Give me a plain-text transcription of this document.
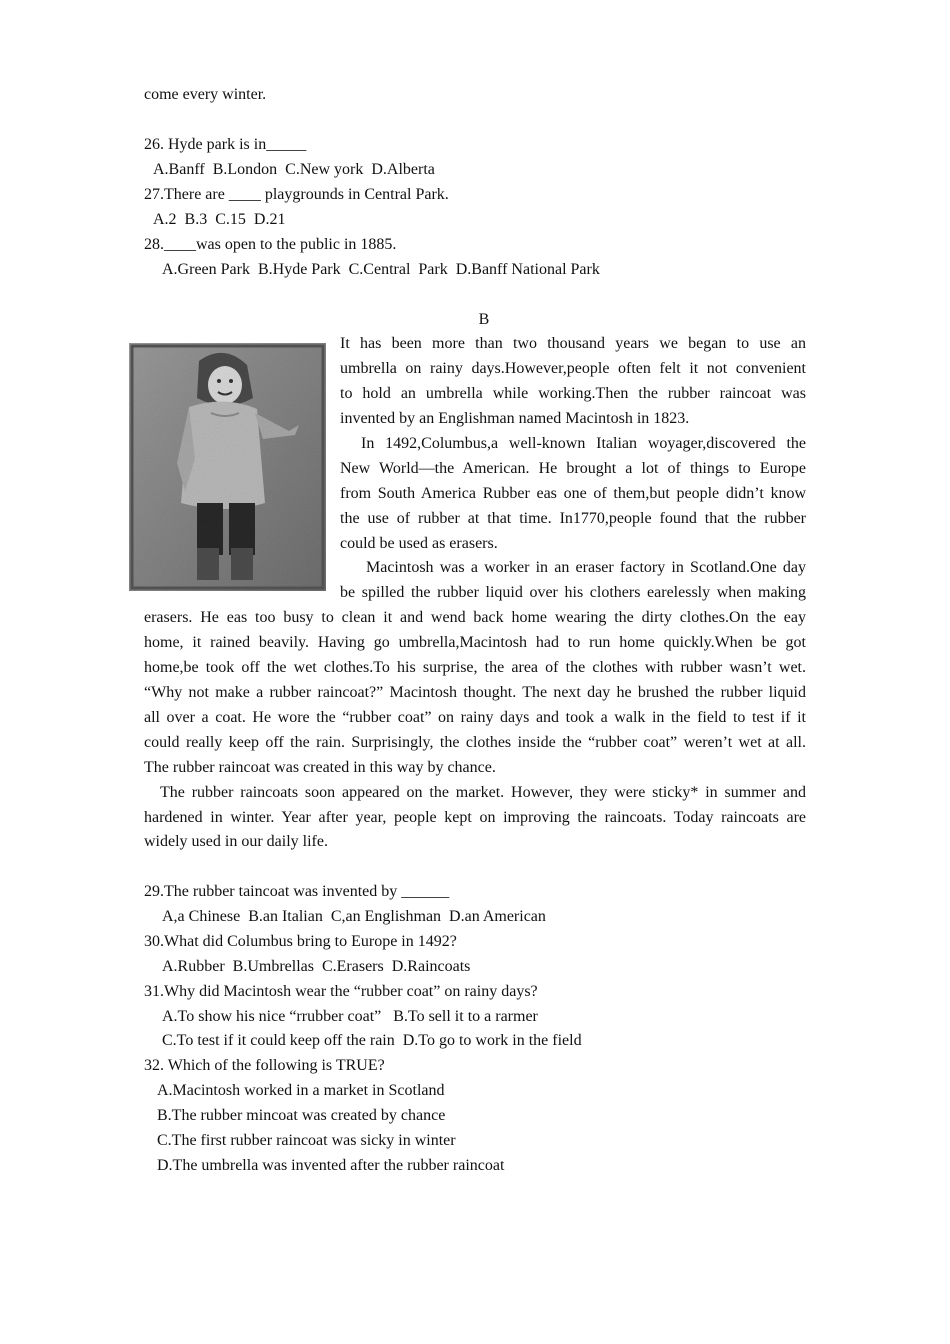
come every winter.
26. Hyde park is in_____
A.Banff  B.London  C.New york  D.Alberta
27.There are ____ playgrounds in Central Park.
A.2  B.3  C.15  D.21
28.____was open to the public in 1885.
A.Green Park  B.Hyde Park  C.Central  Park  D.Banff National Park
B
It has been more than two thousand years we began to use an
umbrella on rainy days.However,people often felt it not convenient
to hold an umbrella while working.Then the rubber raincoat was
invented by an Englishman named Macintosh in 1823.
In 1492,Columbus,a well-known Italian woyager,discovered the
New World—the American. He brought a lot of things to Europe
from South America Rubber eas one of them,but people didn’t know
the use of rubber at that time. In1770,people found that the rubber
could be used as erasers.
Macintosh was a worker in an eraser factory in Scotland.One day
be spilled the rubber liquid over his clothers earelessly when making
erasers. He eas too busy to clean it and wend back home wearing the dirty clothes.On the eay
home, it rained beavily. Having go umbrella,Macintosh had to run home quickly.When be got
home,be took off the wet clothes.To his surprise, the area of the clothes with rubber wasn’t wet.
“Why not make a rubber raincoat?” Macintosh thought. The next day he brushed the rubber liquid
all over a coat. He wore the “rubber coat” on rainy days and took a walk in the field to test if it
could really keep off the rain. Surprisingly, the clothes inside the “rubber coat” weren’t wet at all.
The rubber raincoat was created in this way by chance.
The rubber raincoats soon appeared on the market. However, they were sticky* in summer and
hardened in winter. Year after year, people kept on improving the raincoats. Today raincoats are
widely used in our daily life.
29.The rubber taincoat was invented by ______
A,a Chinese  B.an Italian  C,an Englishman  D.an American
30.What did Columbus bring to Europe in 1492?
A.Rubber  B.Umbrellas  C.Erasers  D.Raincoats
31.Why did Macintosh wear the “rubber coat” on rainy days?
A.To show his nice “rrubber coat”   B.To sell it to a rarmer
C.To test if it could keep off the rain  D.To go to work in the field
32. Which of the following is TRUE?
A.Macintosh worked in a market in Scotland
B.The rubber mincoat was created by chance
C.The first rubber raincoat was sicky in winter
D.The umbrella was invented after the rubber raincoat
